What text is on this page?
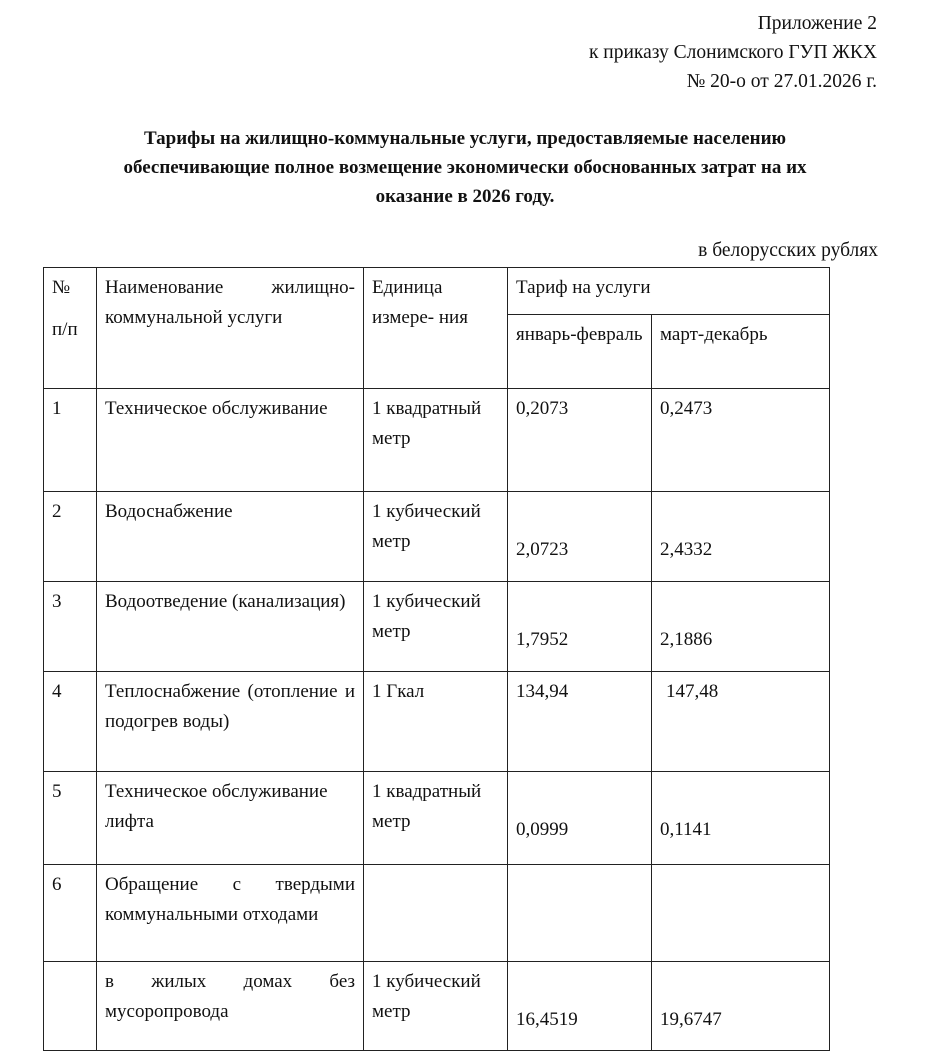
Приложение 2
к приказу Слонимского ГУП ЖКХ
№ 20-о от 27.01.2026 г.
Тарифы на жилищно-коммунальные услуги, предоставляемые населению
обеспечивающие полное возмещение экономически обоснованных затрат на их
оказание в 2026 году.
в белорусских рублях
№
п/п	Наименование жилищно-коммунальной услуги	Единица измере- ния	Тариф на услуги	
			январь-февраль	март-декабрь
1	Техническое обслуживание	1 квадратный метр	0,2073	0,2473
2	Водоснабжение	1 кубический метр	2,0723	2,4332

3	Водоотведение (канализация)	1 кубический метр	1,7952	2,1886

4	Теплоснабжение (отопление и подогрев воды)	1 Гкал	134,94	147,48
5	Техническое обслуживание лифта	1 квадратный метр	0,0999	0,1141

6	Обращение с твердыми коммунальными отходами			
	в жилых домах без мусоропровода	1 кубический метр	16,4519	19,6747
